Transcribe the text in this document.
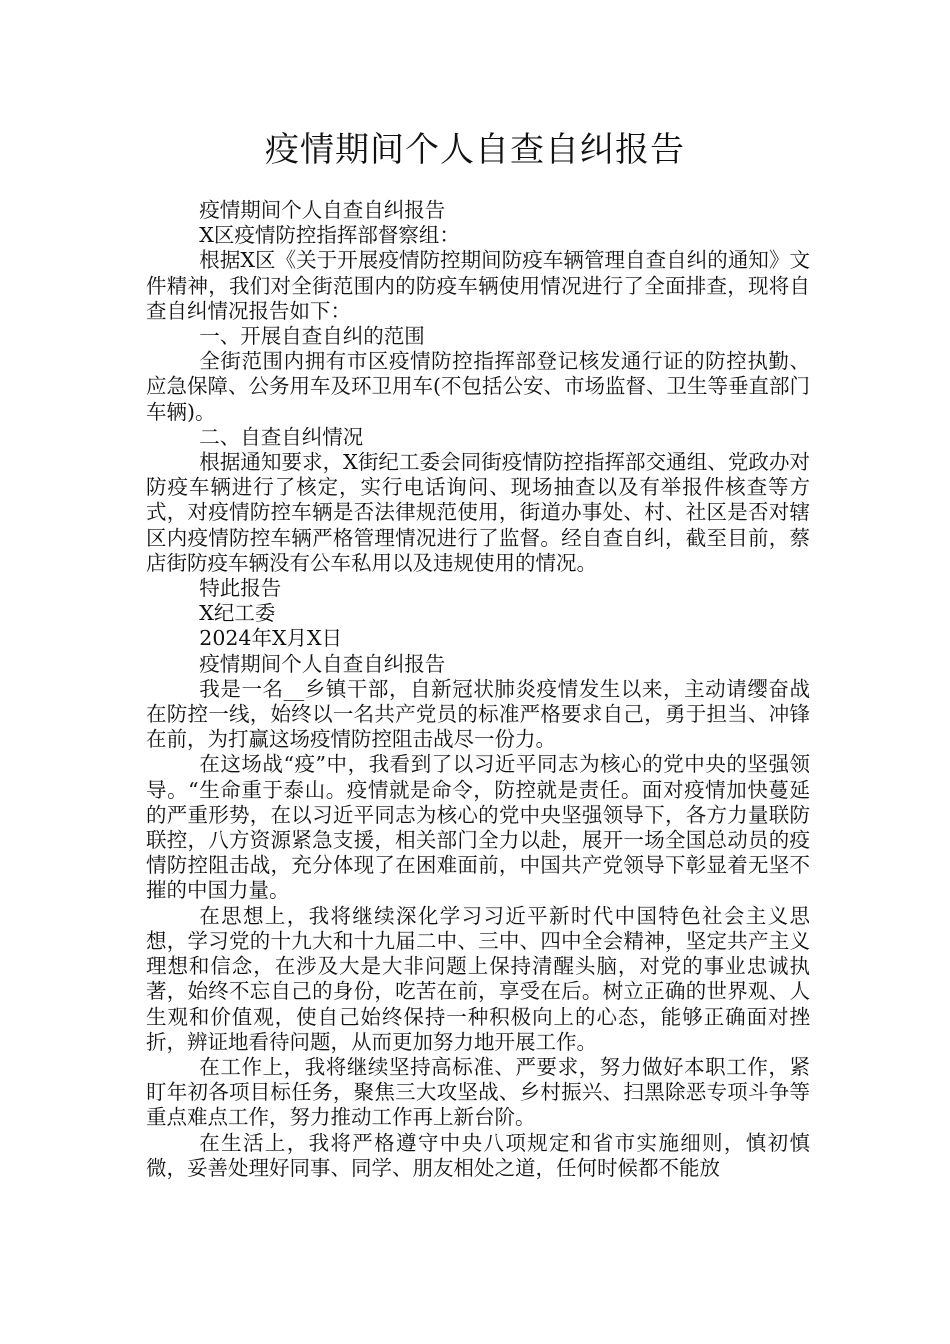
疫情期间个人自查自纠报告

疫情期间个人自查自纠报告

X区疫情防控指挥部督察组：

根据X区《关于开展疫情防控期间防疫车辆管理自查自纠的通知》文件精神，我们对全街范围内的防疫车辆使用情况进行了全面排查，现将自查自纠情况报告如下：

一、开展自查自纠的范围

全街范围内拥有市区疫情防控指挥部登记核发通行证的防控执勤、应急保障、公务用车及环卫用车(不包括公安、市场监督、卫生等垂直部门车辆)。

二、自查自纠情况

根据通知要求，X街纪工委会同街疫情防控指挥部交通组、党政办对防疫车辆进行了核定，实行电话询问、现场抽查以及有举报件核查等方式，对疫情防控车辆是否法律规范使用，街道办事处、村、社区是否对辖区内疫情防控车辆严格管理情况进行了监督。经自查自纠，截至目前，蔡店街防疫车辆没有公车私用以及违规使用的情况。

特此报告

X纪工委

2024年X月X日

疫情期间个人自查自纠报告

我是一名__乡镇干部，自新冠状肺炎疫情发生以来，主动请缨奋战在防控一线，始终以一名共产党员的标准严格要求自己，勇于担当、冲锋在前，为打赢这场疫情防控阻击战尽一份力。

在这场战“疫”中，我看到了以习近平同志为核心的党中央的坚强领导。“生命重于泰山。疫情就是命令，防控就是责任。面对疫情加快蔓延的严重形势，在以习近平同志为核心的党中央坚强领导下，各方力量联防联控，八方资源紧急支援，相关部门全力以赴，展开一场全国总动员的疫情防控阻击战，充分体现了在困难面前，中国共产党领导下彰显着无坚不摧的中国力量。

在思想上，我将继续深化学习习近平新时代中国特色社会主义思想，学习党的十九大和十九届二中、三中、四中全会精神，坚定共产主义理想和信念，在涉及大是大非问题上保持清醒头脑，对党的事业忠诚执著，始终不忘自己的身份，吃苦在前，享受在后。树立正确的世界观、人生观和价值观，使自己始终保持一种积极向上的心态，能够正确面对挫折，辨证地看待问题，从而更加努力地开展工作。

在工作上，我将继续坚持高标准、严要求，努力做好本职工作，紧盯年初各项目标任务，聚焦三大攻坚战、乡村振兴、扫黑除恶专项斗争等重点难点工作，努力推动工作再上新台阶。

在生活上，我将严格遵守中央八项规定和省市实施细则，慎初慎微，妥善处理好同事、同学、朋友相处之道，任何时候都不能放
